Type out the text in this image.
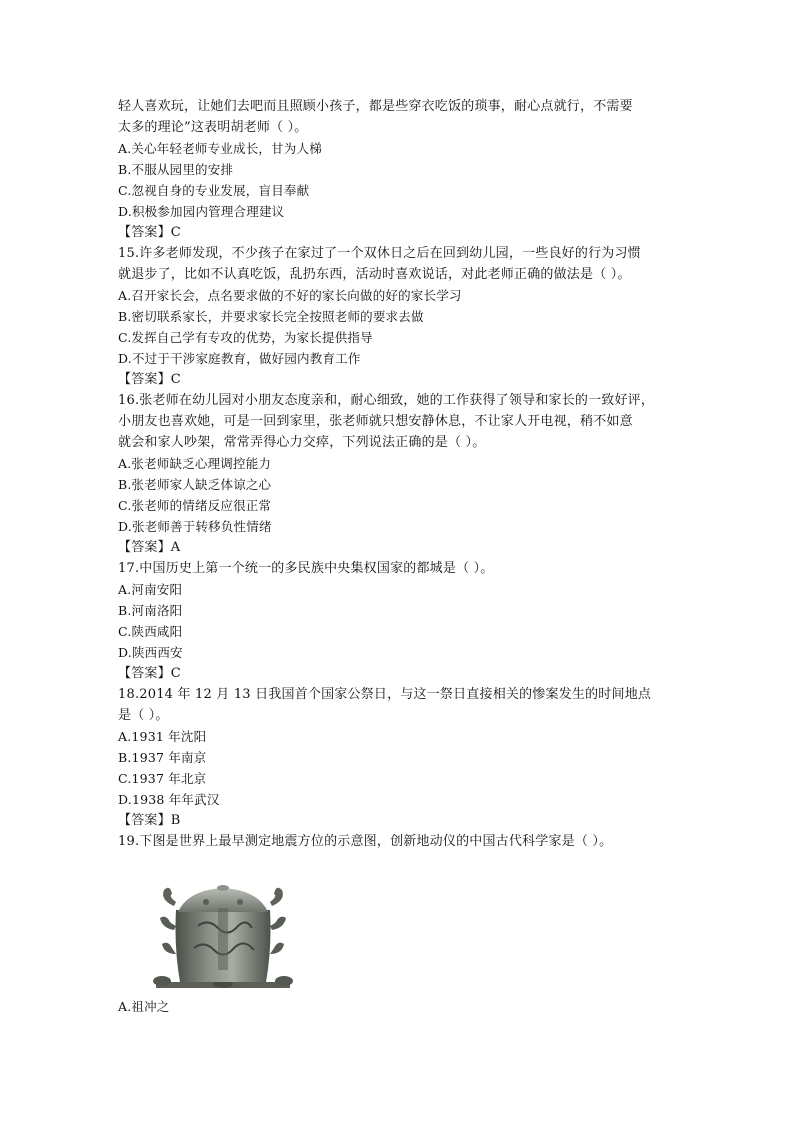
轻人喜欢玩，让她们去吧而且照顾小孩子，都是些穿衣吃饭的琐事，耐心点就行，不需要
太多的理论”这表明胡老师（ ）。
A.关心年轻老师专业成长，甘为人梯
B.不服从园里的安排
C.忽视自身的专业发展，盲目奉献
D.积极参加园内管理合理建议
【答案】C
15.许多老师发现，不少孩子在家过了一个双休日之后在回到幼儿园，一些良好的行为习惯
就退步了，比如不认真吃饭，乱扔东西，活动时喜欢说话，对此老师正确的做法是（ ）。
A.召开家长会，点名要求做的不好的家长向做的好的家长学习
B.密切联系家长，并要求家长完全按照老师的要求去做
C.发挥自己学有专攻的优势，为家长提供指导
D.不过于干涉家庭教育，做好园内教育工作
【答案】C
16.张老师在幼儿园对小朋友态度亲和，耐心细致，她的工作获得了领导和家长的一致好评，
小朋友也喜欢她，可是一回到家里，张老师就只想安静休息，不让家人开电视，稍不如意
就会和家人吵架，常常弄得心力交瘁，下列说法正确的是（ ）。
A.张老师缺乏心理调控能力
B.张老师家人缺乏体谅之心
C.张老师的情绪反应很正常
D.张老师善于转移负性情绪
【答案】A
17.中国历史上第一个统一的多民族中央集权国家的都城是（ ）。
A.河南安阳
B.河南洛阳
C.陕西咸阳
D.陕西西安
【答案】C
18.2014 年 12 月 13 日我国首个国家公祭日，与这一祭日直接相关的惨案发生的时间地点
是（ ）。
A.1931 年沈阳
B.1937 年南京
C.1937 年北京
D.1938 年年武汉
【答案】B
19.下图是世界上最早测定地震方位的示意图，创新地动仪的中国古代科学家是（ ）。
A.祖冲之
